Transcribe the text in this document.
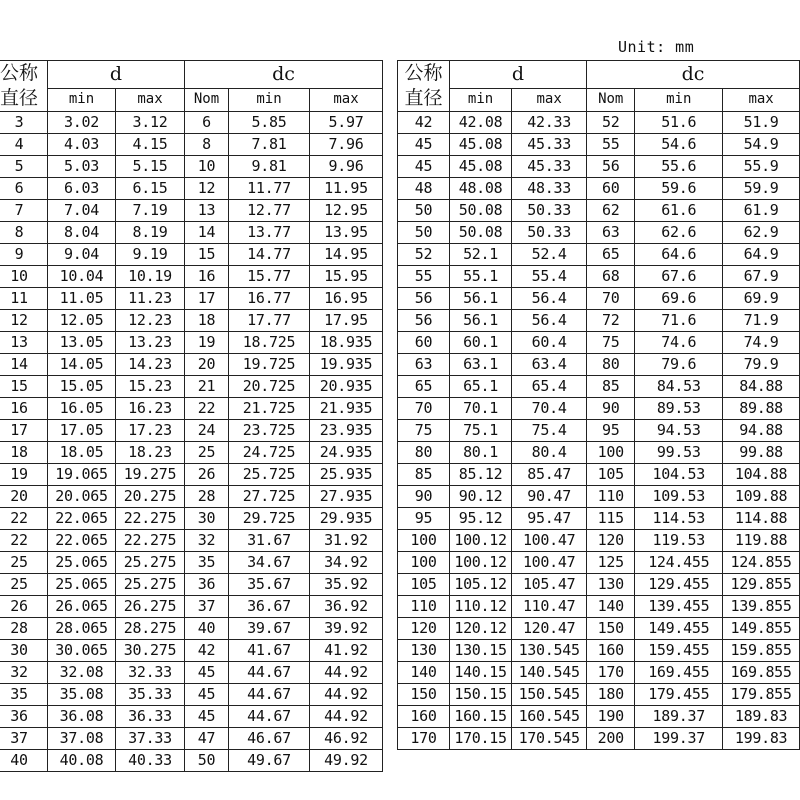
Unit: mm
公称直径	d		dc		
	min	max	Nom	min	max
3	3.02	3.12	6	5.85	5.97
4	4.03	4.15	8	7.81	7.96
5	5.03	5.15	10	9.81	9.96
6	6.03	6.15	12	11.77	11.95
7	7.04	7.19	13	12.77	12.95
8	8.04	8.19	14	13.77	13.95
9	9.04	9.19	15	14.77	14.95
10	10.04	10.19	16	15.77	15.95
11	11.05	11.23	17	16.77	16.95
12	12.05	12.23	18	17.77	17.95
13	13.05	13.23	19	18.725	18.935
14	14.05	14.23	20	19.725	19.935
15	15.05	15.23	21	20.725	20.935
16	16.05	16.23	22	21.725	21.935
17	17.05	17.23	24	23.725	23.935
18	18.05	18.23	25	24.725	24.935
19	19.065	19.275	26	25.725	25.935
20	20.065	20.275	28	27.725	27.935
22	22.065	22.275	30	29.725	29.935
22	22.065	22.275	32	31.67	31.92
25	25.065	25.275	35	34.67	34.92
25	25.065	25.275	36	35.67	35.92
26	26.065	26.275	37	36.67	36.92
28	28.065	28.275	40	39.67	39.92
30	30.065	30.275	42	41.67	41.92
32	32.08	32.33	45	44.67	44.92
35	35.08	35.33	45	44.67	44.92
36	36.08	36.33	45	44.67	44.92
37	37.08	37.33	47	46.67	46.92
40	40.08	40.33	50	49.67	49.92
公称直径	d		dc		
	min	max	Nom	min	max
42	42.08	42.33	52	51.6	51.9
45	45.08	45.33	55	54.6	54.9
45	45.08	45.33	56	55.6	55.9
48	48.08	48.33	60	59.6	59.9
50	50.08	50.33	62	61.6	61.9
50	50.08	50.33	63	62.6	62.9
52	52.1	52.4	65	64.6	64.9
55	55.1	55.4	68	67.6	67.9
56	56.1	56.4	70	69.6	69.9
56	56.1	56.4	72	71.6	71.9
60	60.1	60.4	75	74.6	74.9
63	63.1	63.4	80	79.6	79.9
65	65.1	65.4	85	84.53	84.88
70	70.1	70.4	90	89.53	89.88
75	75.1	75.4	95	94.53	94.88
80	80.1	80.4	100	99.53	99.88
85	85.12	85.47	105	104.53	104.88
90	90.12	90.47	110	109.53	109.88
95	95.12	95.47	115	114.53	114.88
100	100.12	100.47	120	119.53	119.88
100	100.12	100.47	125	124.455	124.855
105	105.12	105.47	130	129.455	129.855
110	110.12	110.47	140	139.455	139.855
120	120.12	120.47	150	149.455	149.855
130	130.15	130.545	160	159.455	159.855
140	140.15	140.545	170	169.455	169.855
150	150.15	150.545	180	179.455	179.855
160	160.15	160.545	190	189.37	189.83
170	170.15	170.545	200	199.37	199.83
